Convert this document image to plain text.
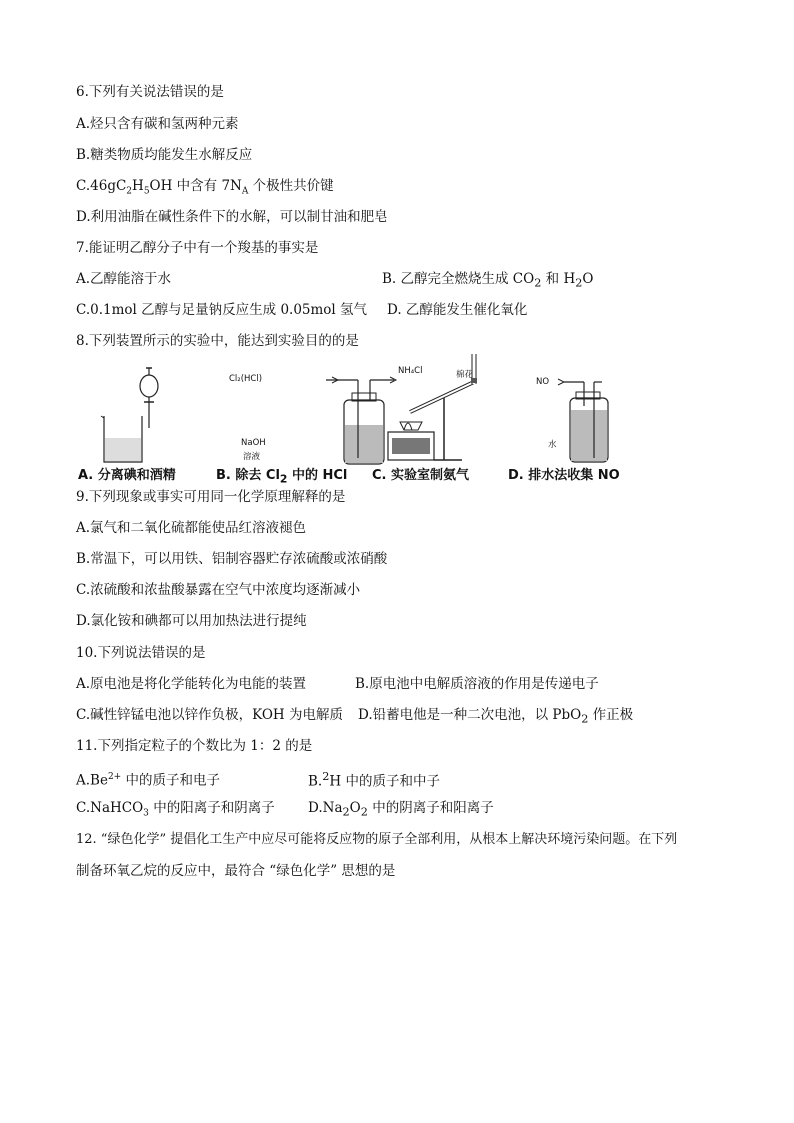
6.下列有关说法错误的是
A.烃只含有碳和氢两种元素
B.糖类物质均能发生水解反应
$C.46gC_2H_5OH$ 中含有 $7N_A$ 个极性共价键
D.利用油脂在碱性条件下的水解，可以制甘油和肥皂
7.能证明乙醇分子中有一个羧基的事实是
A.乙醇能溶于水	B. 乙醇完全燃烧生成 $CO_2$ 和 $H_2O$
C.0.1mol 乙醇与足量钠反应生成 0.05mol 氢气 D. 乙醇能发生催化氧化
8.下列装置所示的实验中，能达到实验目的的是
A. 分离碘和酒精
Cl₂(HCl)
NaOH
溶液
B. 除去 $Cl_2$ 中的 HCl
NH₄Cl	棉花
C. 实验室制氨气
NO
水
D. 排水法收集 NO
9.下列现象或事实可用同一化学原理解释的是
A.氯气和二氧化硫都能使品红溶液褪色
B.常温下，可以用铁、铝制容器贮存浓硫酸或浓硝酸
C.浓硫酸和浓盐酸暴露在空气中浓度均逐渐减小
D.氯化铵和碘都可以用加热法进行提纯
10.下列说法错误的是
A.原电池是将化学能转化为电能的装置	B.原电池中电解质溶液的作用是传递电子
C.碱性锌锰电池以锌作负极，KOH 为电解质 D.铅蓄电他是一种二次电池，以 PbO$_2$ 作正极
11.下列指定粒子的个数比为 1：2 的是
$A.Be^{2+}$ 中的质子和电子	B.$^2$H 中的质子和中子
C.NaHCO$_3$ 中的阳离子和阴离子 $D.Na_2O_2$ 中的阴离子和阳离子
12. “绿色化学” 提倡化工生产中应尽可能将反应物的原子全部利用，从根本上解决环境污染问题。在下列
制备环氧乙烷的反应中，最符合 “绿色化学” 思想的是
